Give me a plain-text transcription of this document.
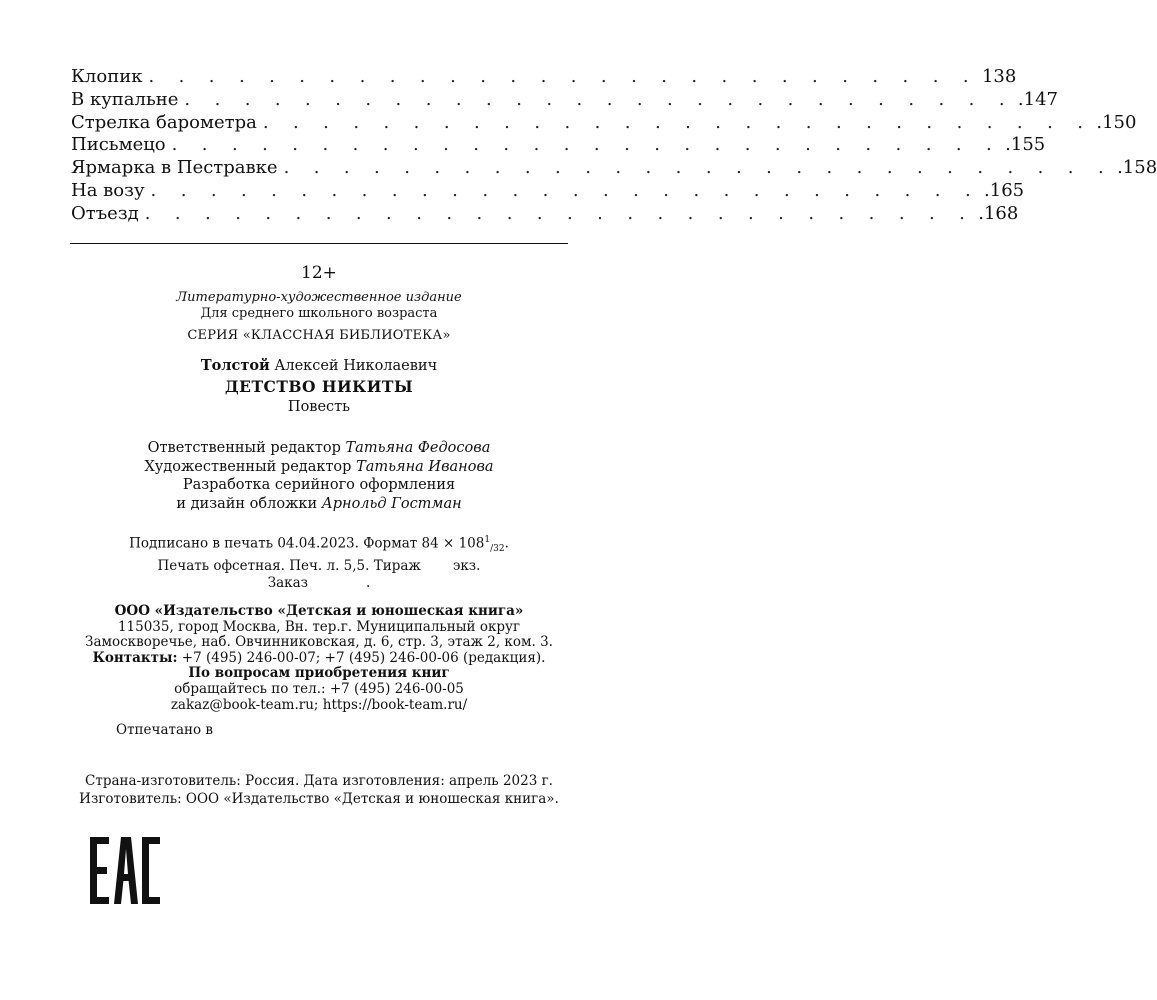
Клопик . . . . . . . . . . . . . . . . . . . . . . . . . . . . 138
В купальне . . . . . . . . . . . . . . . . . . . . . . . . . . . . .147
Стрелка барометра . . . . . . . . . . . . . . . . . . . . . . . . . . . . .150
Письмецо . . . . . . . . . . . . . . . . . . . . . . . . . . . . .155
Ярмарка в Пестравке . . . . . . . . . . . . . . . . . . . . . . . . . . . . .158
На возу . . . . . . . . . . . . . . . . . . . . . . . . . . . . .165
Отъезд . . . . . . . . . . . . . . . . . . . . . . . . . . . . .168
12+
Литературно-художественное издание
Для среднего школьного возраста
СЕРИЯ «КЛАССНАЯ БИБЛИОТЕКА»
Толстой Алексей Николаевич
ДЕТСТВО НИКИТЫ
Повесть
Ответственный редактор Татьяна Федосова
Художественный редактор Татьяна Иванова
Разработка серийного оформления
и дизайн обложки Арнольд Гостман
Подписано в печать 04.04.2023. Формат $84 \times 108^1_{/32}$.
Печать офсетная. Печ. л. 5,5. Тираж экз.
Заказ	.
ООО «Издательство «Детская и юношеская книга»
115035, город Москва, Вн. тер.г. Муниципальный округ
Замоскворечье, наб. Овчинниковская, д. 6, стр. 3, этаж 2, ком. 3.
Контакты: +7 (495) 246-00-07; +7 (495) 246-00-06 (редакция).
По вопросам приобретения книг
обращайтесь по тел.: +7 (495) 246-00-05
zakaz@book-team.ru; https://book-team.ru/
Отпечатано в
Страна-изготовитель: Россия. Дата изготовления: апрель 2023 г.
Изготовитель: ООО «Издательство «Детская и юношеская книга».
